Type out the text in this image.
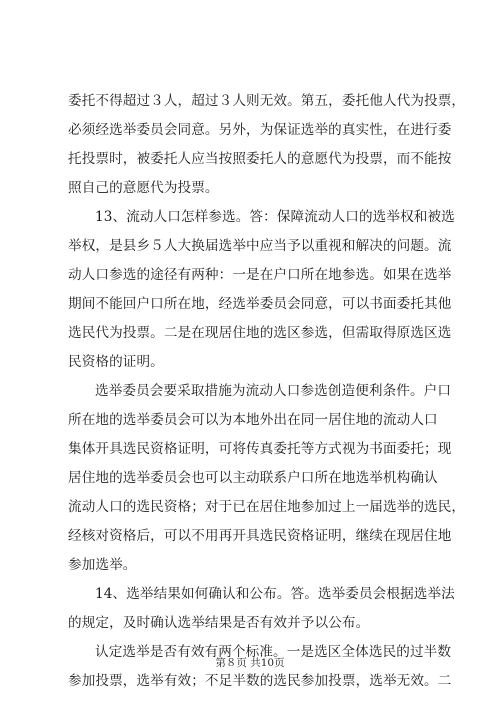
委托不得超过３人，超过３人则无效。第五，委托他人代为投票，
必须经选举委员会同意。另外，为保证选举的真实性，在进行委
托投票时，被委托人应当按照委托人的意愿代为投票，而不能按
照自己的意愿代为投票。
13、流动人口怎样参选。答：保障流动人口的选举权和被选
举权，是县乡５人大换届选举中应当予以重视和解决的问题。流
动人口参选的途径有两种：一是在户口所在地参选。如果在选举
期间不能回户口所在地，经选举委员会同意，可以书面委托其他
选民代为投票。二是在现居住地的选区参选，但需取得原选区选
民资格的证明。
选举委员会要采取措施为流动人口参选创造便利条件。户口
所在地的选举委员会可以为本地外出在同一居住地的流动人口
集体开具选民资格证明，可将传真委托等方式视为书面委托；现
居住地的选举委员会也可以主动联系户口所在地选举机构确认
流动人口的选民资格；对于已在居住地参加过上一届选举的选民，
经核对资格后，可以不用再开具选民资格证明，继续在现居住地
参加选举。
14、选举结果如何确认和公布。答。选举委员会根据选举法
的规定，及时确认选举结果是否有效并予以公布。
认定选举是否有效有两个标准。一是选区全体选民的过半数
参加投票，选举有效；不足半数的选民参加投票，选举无效。二
第８页 共10页
